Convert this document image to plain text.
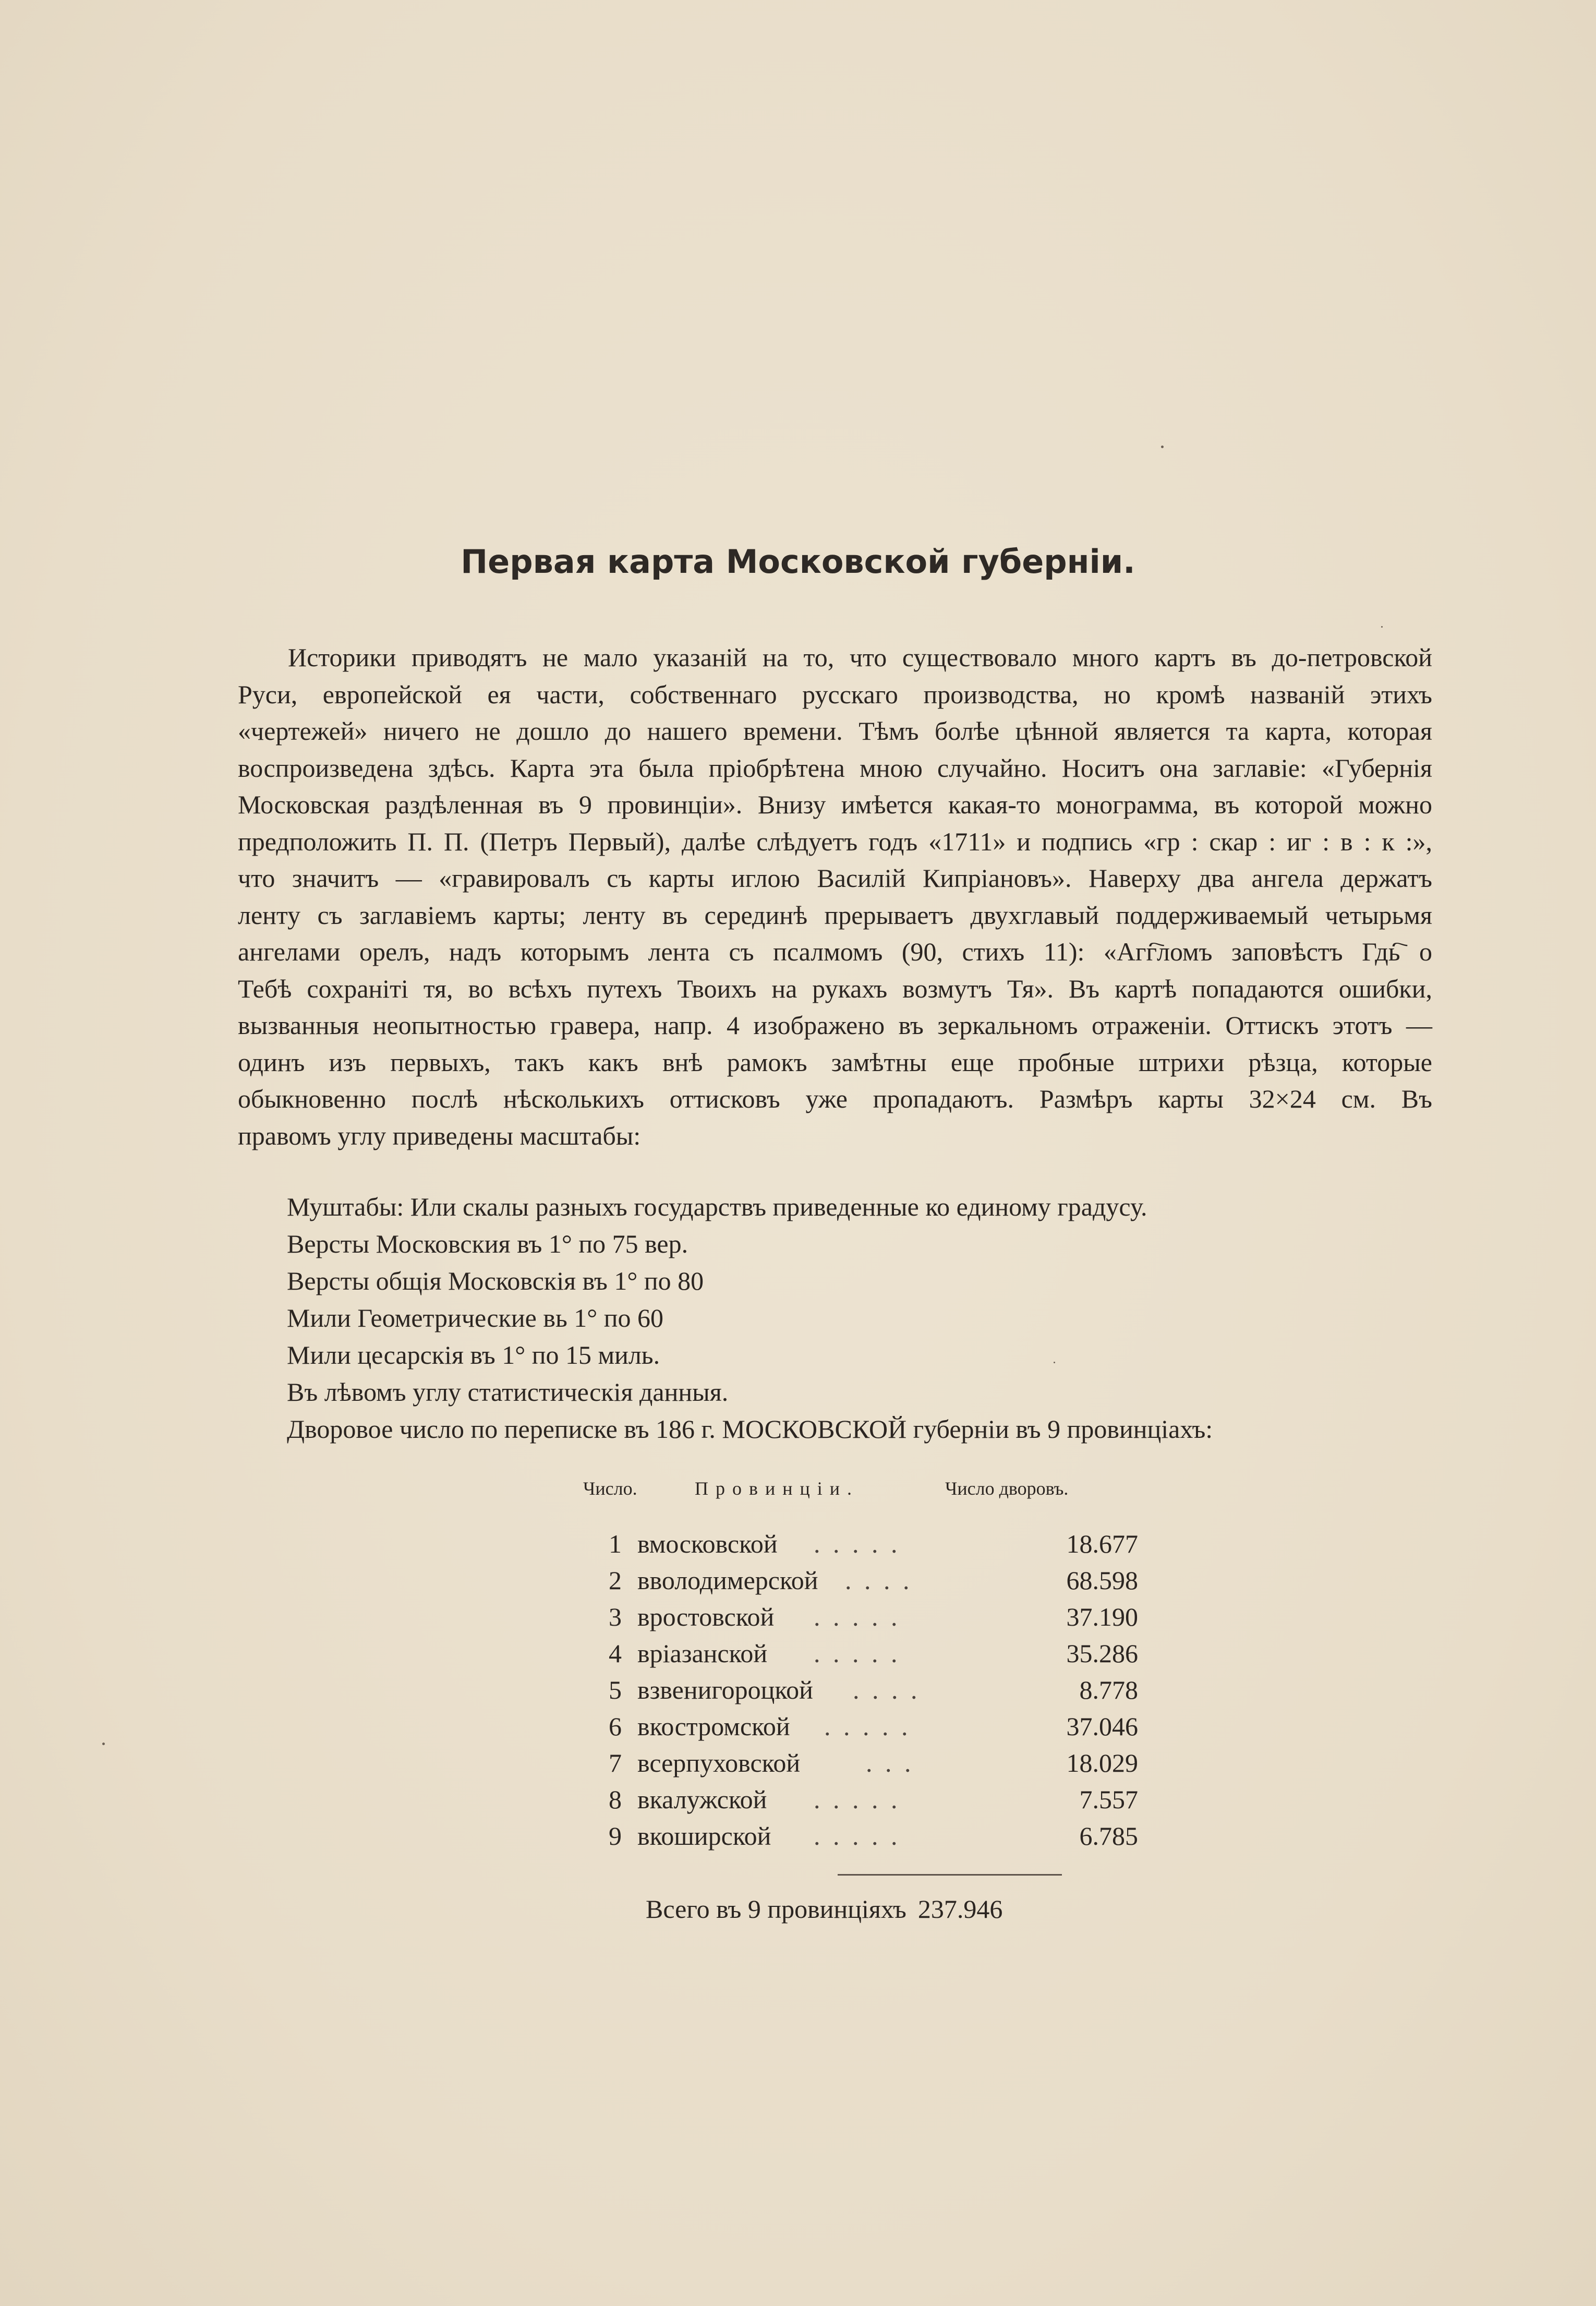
Первая карта Московской губерніи.
Историки приводятъ не мало указаній на то, что существовало много картъ въ до-петровской
Руси, европейской ея части, собственнаго русскаго производства, но кромѣ названій этихъ
«чертежей» ничего не дошло до нашего времени. Тѣмъ болѣе цѣнной является та карта, которая
воспроизведена здѣсь. Карта эта была пріобрѣтена мною случайно. Носитъ она заглавіе: «Губернія
Московская раздѣленная въ 9 провинціи». Внизу имѣется какая-то монограмма, въ которой можно
предположить П. П. (Петръ Первый), далѣе слѣдуетъ годъ «1711» и подпись «гр : скар : иг : в : к :»,
что значитъ — «гравировалъ съ карты иглою Василій Кипріановъ». Наверху два ангела держатъ
ленту съ заглавіемъ карты; ленту въ серединѣ прерываетъ двухглавый поддерживаемый четырьмя
ангелами орелъ, надъ которымъ лента съ псалмомъ (90, стихъ 11): «Агг҇ломъ заповѣстъ Гдь҇ о
Тебѣ сохраніті тя, во всѣхъ путехъ Твоихъ на рукахъ возмутъ Тя». Въ картѣ попадаются ошибки,
вызванныя неопытностью гравера, напр. 4 изображено въ зеркальномъ отраженіи. Оттискъ этотъ —
одинъ изъ первыхъ, такъ какъ внѣ рамокъ замѣтны еще пробные штрихи рѣзца, которые
обыкновенно послѣ нѣсколькихъ оттисковъ уже пропадаютъ. Размѣръ карты 32×24 см. Въ
правомъ углу приведены масштабы:
Муштабы: Или скалы разныхъ государствъ приведенные ко единому градусу.
Версты Московския въ 1° по 75 вер.
Версты общія Московскія въ 1° по 80
Мили Геометрические вь 1° по 60
Мили цесарскія въ 1° по 15 миль.
Въ лѣвомъ углу статистическія данныя.
Дворовое число по переписке въ 186 г. МОСКОВСКОЙ губерніи въ 9 провинціахъ:
Число.	Провинціи.	Число дворовъ.
1 вмосковской . . . . .	18.677
2 вволодимерской . . . .	68.598
3 вростовской . . . . .	37.190
4 вріазанской . . . . .	35.286
5 взвенигороцкой . . . .	8.778
6 вкостромской . . . . .	37.046
7 всерпуховской	. . .	18.029
8 вкалужской . . . . .	7.557
9 вкоширской . . . . .	6.785
Всего въ 9 провинціяхъ 237.946
